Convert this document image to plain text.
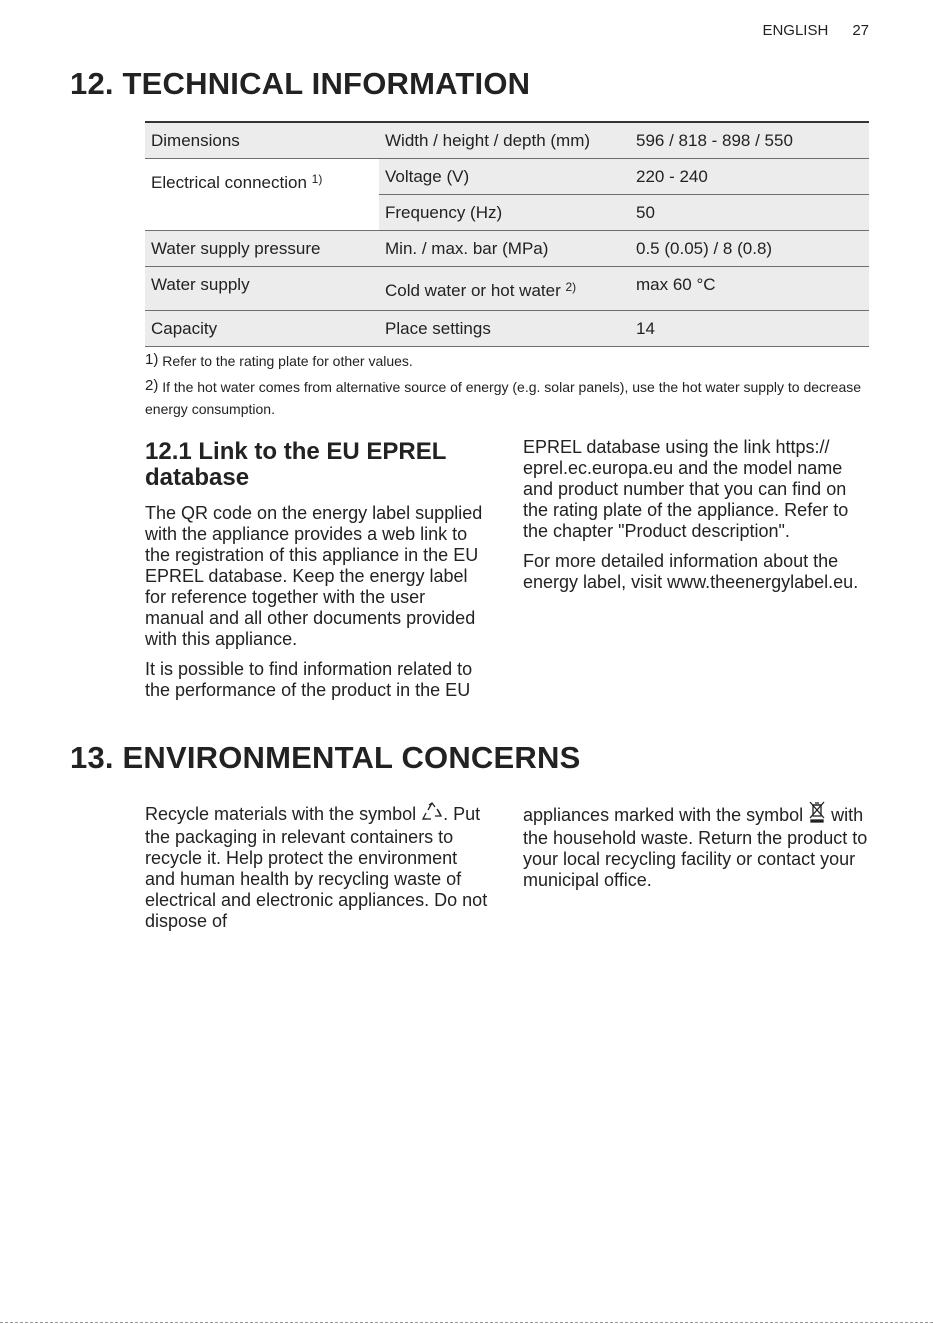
ENGLISH 27
12. TECHNICAL INFORMATION
Dimensions	Width / height / depth (mm)	596 / 818 - 898 / 550
Electrical connection $^{1)}$	Voltage (V)	220 - 240
	Frequency (Hz)	50
Water supply pressure	Min. / max. bar (MPa)	0.5 (0.05) / 8 (0.8)
Water supply	Cold water or hot water $^{2)}$	max 60 °C
Capacity	Place settings	14
1) Refer to the rating plate for other values.
2) If the hot water comes from alternative source of energy (e.g. solar panels), use the hot water supply to decrease energy consumption.
12.1 Link to the EU EPREL database

The QR code on the energy label supplied with the appliance provides a web link to the registration of this appliance in the EU EPREL database. Keep the energy label for reference together with the user manual and all other documents provided with this appliance.

It is possible to find information related to the performance of the product in the EU

EPREL database using the link https:// eprel.ec.europa.eu and the model name and product number that you can find on the rating plate of the appliance. Refer to the chapter "Product description".

For more detailed information about the energy label, visit www.theenergylabel.eu.

13. ENVIRONMENTAL CONCERNS

Recycle materials with the symbol . Put the packaging in relevant containers to recycle it. Help protect the environment and human health by recycling waste of electrical and electronic appliances. Do not dispose of

appliances marked with the symbol with the household waste. Return the product to your local recycling facility or contact your municipal office.
